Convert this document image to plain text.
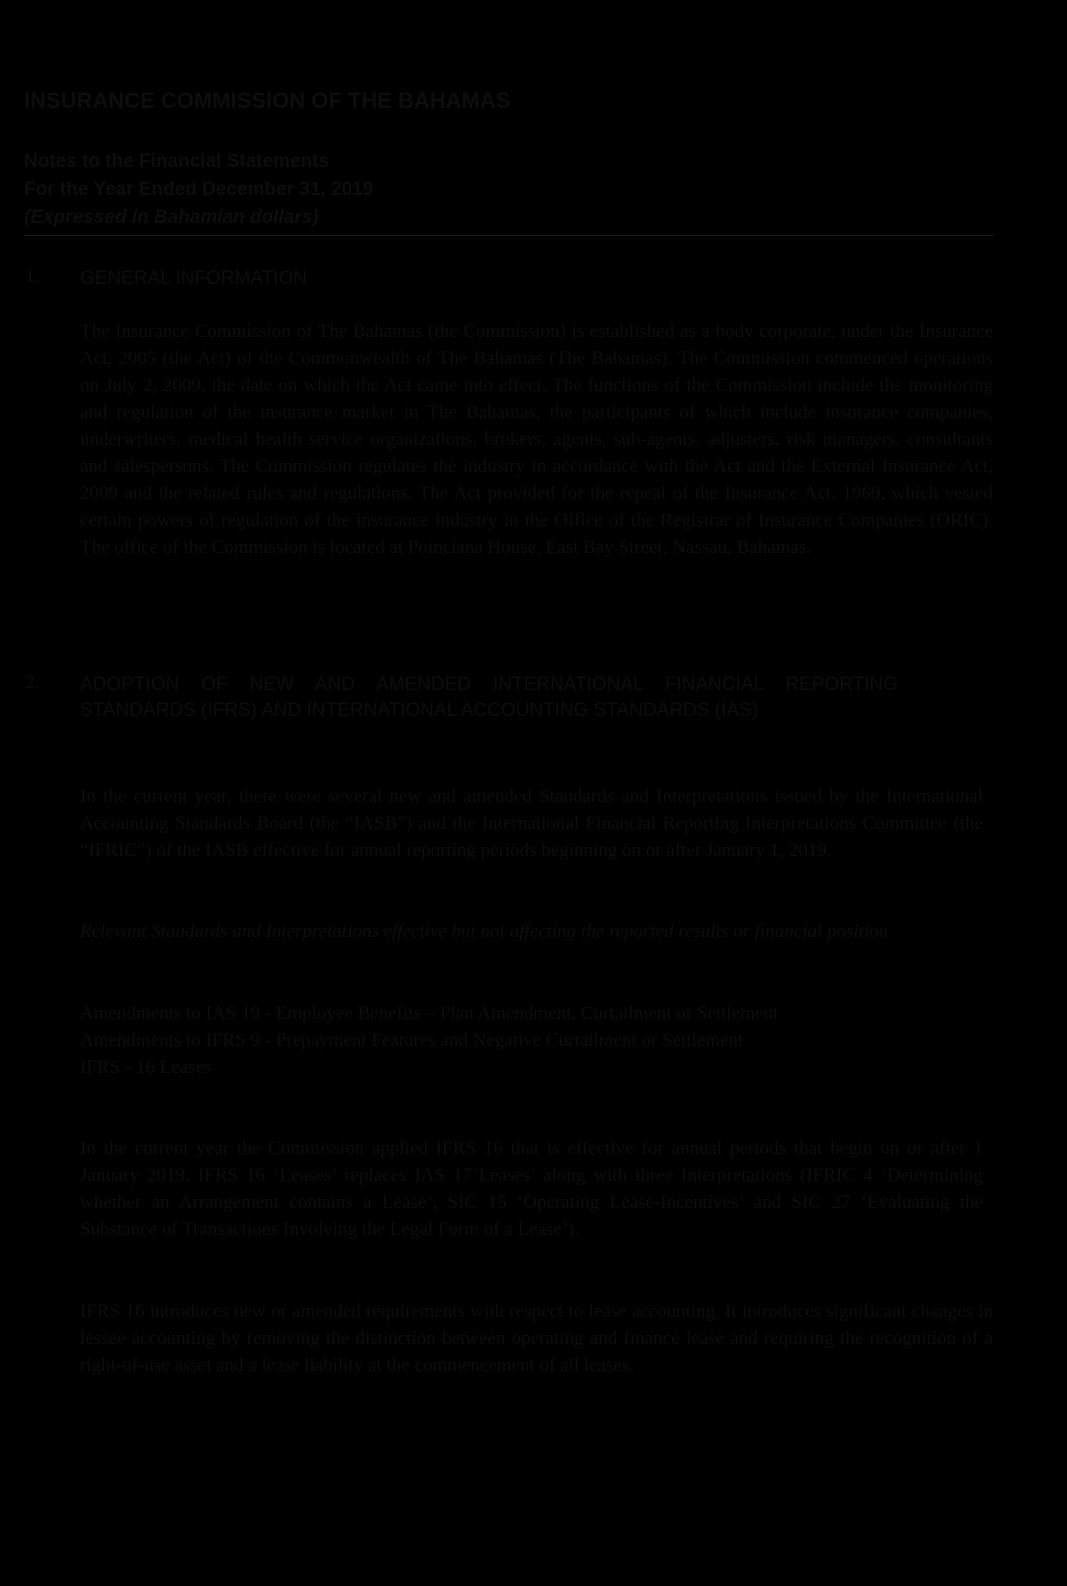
INSURANCE COMMISSION OF THE BAHAMAS
Notes to the Financial Statements
For the Year Ended December 31, 2019
(Expressed in Bahamian dollars)
1. GENERAL INFORMATION
The Insurance Commission of The Bahamas (the Commission) is established as a body corporate, under the Insurance Act, 2005 (the Act) of the Commonwealth of The Bahamas (The Bahamas). The Commission commenced operations on July 2, 2009, the date on which the Act came into effect. The functions of the Commission include the monitoring and regulation of the insurance market in The Bahamas, the participants of which include insurance companies, underwriters, medical health service organizations, brokers, agents, sub-agents, adjusters, risk managers, consultants and salespersons. The Commission regulates the industry in accordance with the Act and the External Insurance Act, 2009 and the related rules and regulations. The Act provided for the repeal of the Insurance Act, 1969, which vested certain powers of regulation of the insurance industry in the Office of the Registrar of Insurance Companies (ORIC). The office of the Commission is located at Poinciana House, East Bay Street, Nassau, Bahamas.
2. ADOPTION OF NEW AND AMENDED INTERNATIONAL FINANCIAL REPORTING STANDARDS (IFRS) AND INTERNATIONAL ACCOUNTING STANDARDS (IAS)
In the current year, there were several new and amended Standards and Interpretations issued by the International Accounting Standards Board (the “IASB”) and the International Financial Reporting Interpretations Committee (the “IFRIC”) of the IASB effective for annual reporting periods beginning on or after January 1, 2019.
Relevant Standards and Interpretations effective but not affecting the reported results or financial position
Amendments to IAS 19 - Employee Benefits – Plan Amendment, Curtailment or Settlement
Amendments to IFRS 9 - Prepayment Features and Negative Curtailment or Settlement
IFRS - 16 Leases
In the current year the Commission applied IFRS 16 that is effective for annual periods that begin on or after 1 January 2019. IFRS 16 ‘Leases’ replaces IAS 17’Leases’ along with three Interpretations (IFRIC 4 ‘Determining whether an Arrangement contains a Lease’, SIC 15 ‘Operating Lease-Incentives’ and SIC 27 ‘Evaluating the Substance of Transactions Involving the Legal Form of a Lease’).
IFRS 16 introduces new or amended requirements with respect to lease accounting. It introduces significant changes in lessee accounting by removing the distinction between operating and finance lease and requiring the recognition of a right-of-use asset and a lease liability at the commencement of all leases.
